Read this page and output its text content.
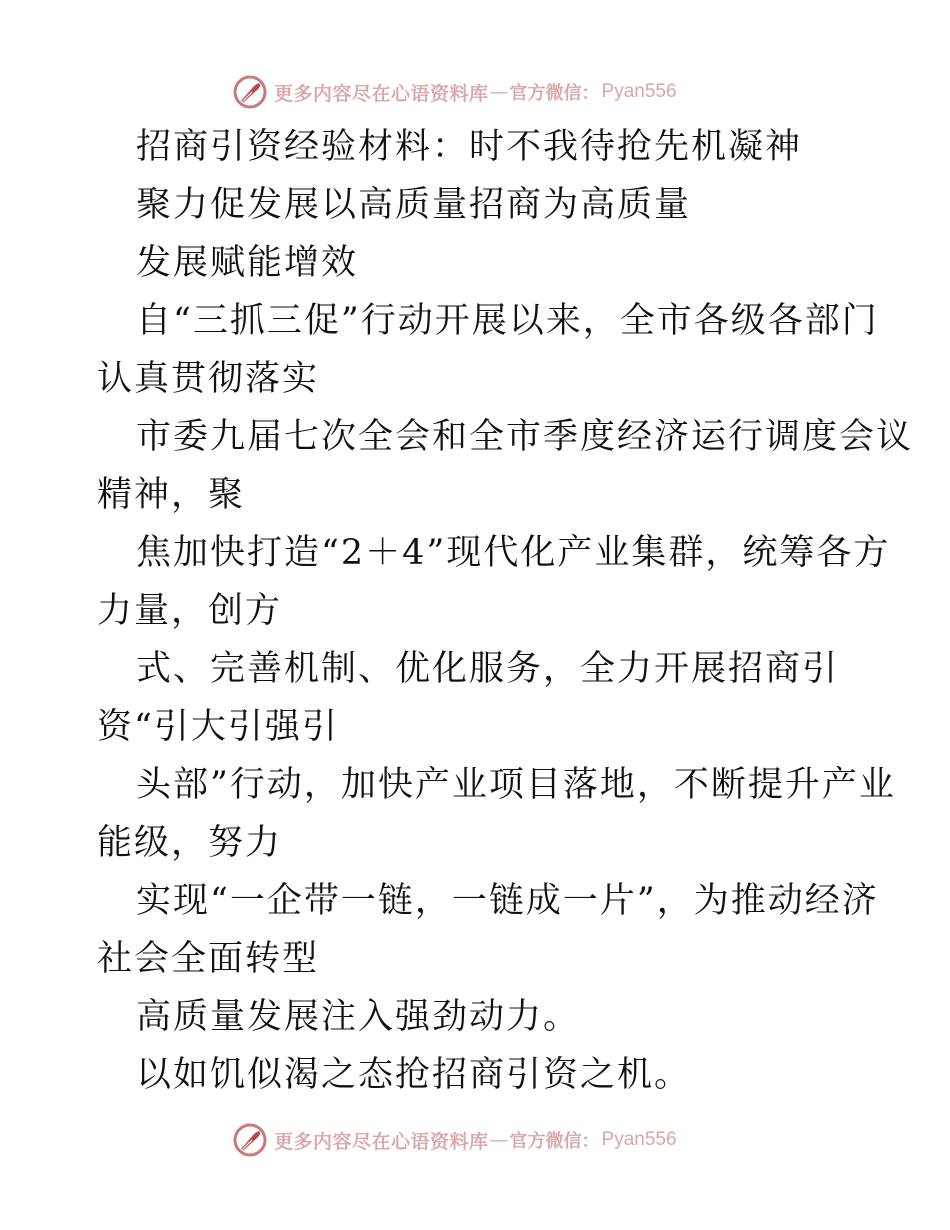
更多内容尽在心语资料库 — 官方微信： Pyan556
招商引资经验材料：时不我待抢先机凝神
聚力促发展以高质量招商为高质量
发展赋能增效
自“三抓三促”行动开展以来，全市各级各部门
认真贯彻落实
市委九届七次全会和全市季度经济运行调度会议
精神，聚
焦加快打造“2＋4”现代化产业集群，统筹各方
力量，创方
式、完善机制、优化服务，全力开展招商引
资“引大引强引
头部”行动，加快产业项目落地，不断提升产业
能级，努力
实现“一企带一链，一链成一片”，为推动经济
社会全面转型
高质量发展注入强劲动力。
以如饥似渴之态抢招商引资之机。
更多内容尽在心语资料库 — 官方微信： Pyan556
